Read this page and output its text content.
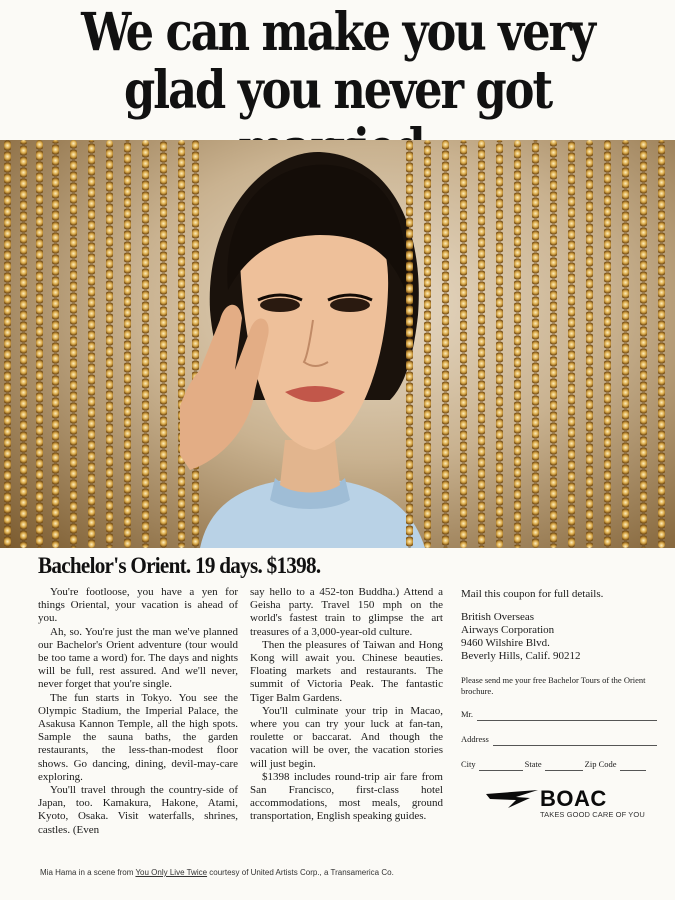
We can make you very
glad you never got
Bachelor's Orient. 19 days. $1398.

You're footloose, you have a yen for things Oriental, your vacation is ahead of you.

Ah, so. You're just the man we've planned our Bachelor's Orient adventure (tour would be too tame a word) for. The days and nights will be full, rest assured. And we'll never, never forget that you're single.

The fun starts in Tokyo. You see the Olympic Stadium, the Imperial Palace, the Asakusa Kannon Temple, all the high spots. Sample the sauna baths, the garden restaurants, the less-than-modest floor shows. Go dancing, dining, devil-may-care exploring.

You'll travel through the country-side of Japan, too. Kamakura, Hakone, Atami, Kyoto, Osaka. Visit waterfalls, shrines, castles. (Even

say hello to a 452-ton Buddha.) Attend a Geisha party. Travel 150 mph on the world's fastest train to glimpse the art treasures of a 3,000-year-old culture.

Then the pleasures of Taiwan and Hong Kong will await you. Chinese beauties. Floating markets and restaurants. The summit of Victoria Peak. The fantastic Tiger Balm Gardens.

You'll culminate your trip in Macao, where you can try your luck at fan-tan, roulette or baccarat. And though the vacation will be over, the vacation stories will just begin.

$1398 includes round-trip air fare from San Francisco, first-class hotel accommodations, most meals, ground transportation, English speaking guides.

Mail this coupon for full details.
British Overseas
Airways Corporation
9460 Wilshire Blvd.
Beverly Hills, Calif. 90212
Please send me your free Bachelor Tours of the Orient brochure.
Mr.
Address
City	State	Zip Code
BOAC
TAKES GOOD CARE OF YOU
Mia Hama in a scene from You Only Live Twice courtesy of United Artists Corp., a Transamerica Co.
